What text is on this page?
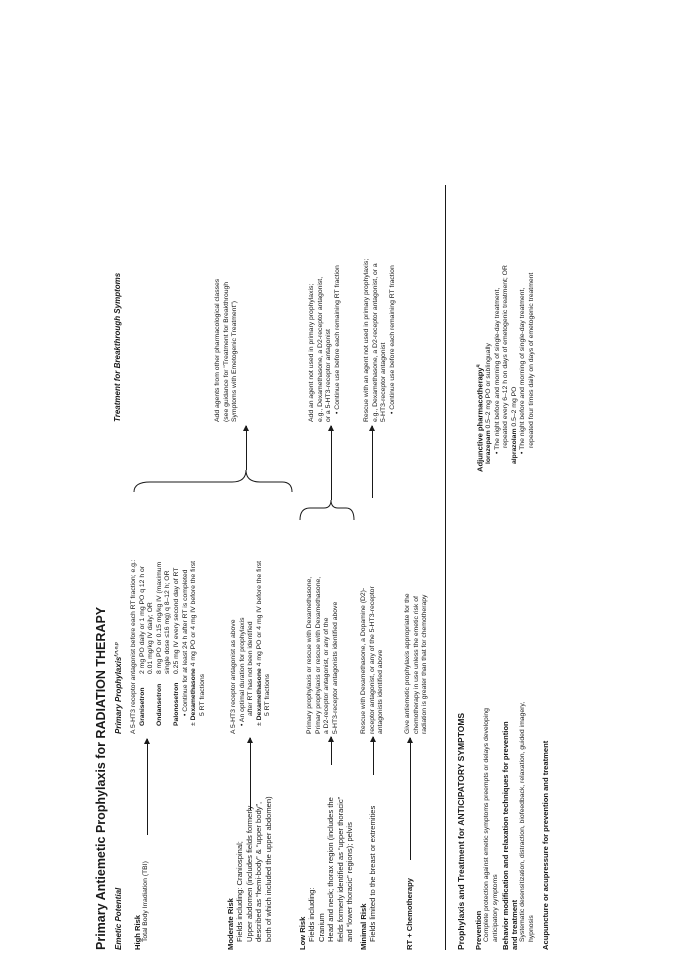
Primary Antiemetic Prophylaxis for RADIATION THERAPY Emetic Potential
Primary Prophylaxis$^{f,n,o,p}$
Treatment for Breakthrough Symptoms
High Risk Total Body Irradiation (TBI)
A 5-HT3 receptor antagonist before each RT fraction; e.g.: Granisetron
2 mg PO daily or 1 mg PO q 12 h or 0.01 mg/kg IV daily; OR
Ondansetron
8 mg PO or 0.15 mg/kg IV (maximum single dose ≤16 mg) q 8–12 h; OR
Palonosetron
0.25 mg IV every second day of RT • Continue for at least 24 h after RT is completed
± Dexamethasone 4 mg PO or 4 mg IV before the first
5 RT fractions
Moderate Risk Fields including: Craniospinal; Upper abdomen (includes fields formerly described as “hemi-body” & “upper body”, both of which included the upper abdomen)
A 5-HT3 receptor antagonist as above • An optimal duration for prophylaxis after RT has not been identified
± Dexamethasone 4 mg PO or 4 mg IV before the first
5 RT fractions
Low Risk Fields including: Cranium Head and neck; thorax region (includes the fields formerly identified as “upper thoracic” and “lower thoracic” regions); pelvis
Primary prophylaxis or rescue with Dexamethasone, Primary prophylaxis or rescue with Dexamethasone, a D2-receptor antagonist, or any of the 5-HT3-receptor antagonists identified above
Minimal Risk Fields limited to the breast or extremities
Rescue with Dexamethasone, a Dopamine (D2)- receptor antagonist, or any of the 5-HT3-receptor antagonists identified above
RT + Chemotherapy
Give antiemetic prophylaxis appropriate for the chemotherapy in use unless the emetic risk of radiation is greater than that for chemotherapy
Add agents from other pharmacological classes (see guidance for "Treatment for Breakthrough Symptoms with Emetogenic Treatment")	Add an agent not used in primary prophylaxis; e.g., Dexamethasone, a D2-receptor antagonist, or a 5-HT3-receptor antagonist • Continue use before each remaining RT fraction	Rescue with an agent not used in primary prophylaxis; e.g., Dexamethasone, a D2-receptor antagonist, or a 5-HT3-receptor antagonist • Continue use before each remaining RT fraction
Prophylaxis and Treatment for ANTICIPATORY SYMPTOMS Prevention Complete protection against emetic symptoms preempts or delays developing anticipatory symptoms Behavior modification and relaxation techniques for prevention and treatment Systematic desensitization, distraction, biofeedback, relaxation, guided imagery, hypnosis Acupuncture or acupressure for prevention and treatment
Adjunctive pharmacotherapy$^q$
lorazepam 0.5–2 mg PO or sublingually • The night before and morning of single-day treatment, repeated every 6–12 h on days of emetogenic treatment; OR alprazolam 0.5–2 mg PO • The night before and morning of single-day treatment, repeated four times daily on days of emetogenic treatment
